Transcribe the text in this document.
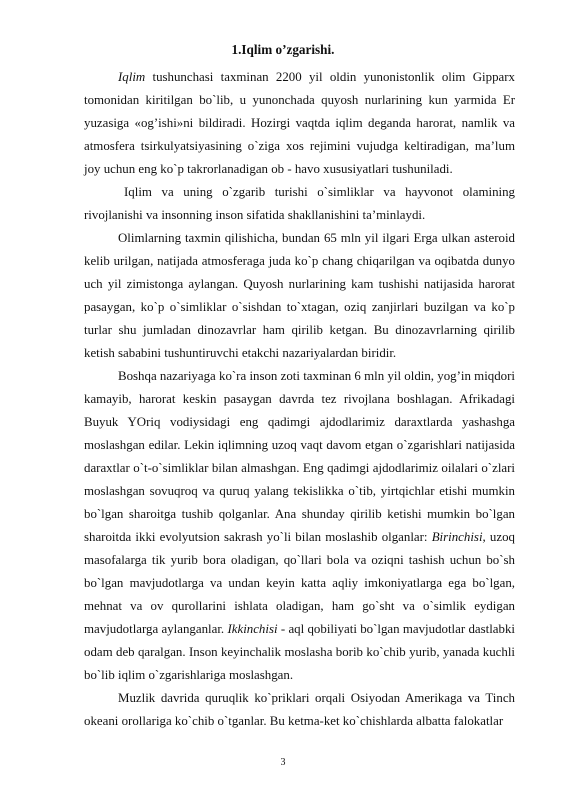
1.Iqlim o’zgarishi.

Iqlim tushunchasi taxminan 2200 yil oldin yunonistonlik olim Gipparx tomonidan kiritilgan bo`lib, u yunonchada quyosh nurlarining kun yarmida Er yuzasiga «og’ishi»ni bildiradi. Hozirgi vaqtda iqlim deganda harorat, namlik va atmosfera tsirkulyatsiyasining o`ziga xos rejimini vujudga keltiradigan, ma’lum joy uchun eng ko`p takrorlanadigan ob - havo xususiyatlari tushuniladi.

Iqlim va uning o`zgarib turishi o`simliklar va hayvonot olamining rivojlanishi va insonning inson sifatida shakllanishini ta’minlaydi.

Olimlarning taxmin qilishicha, bundan 65 mln yil ilgari Erga ulkan asteroid kelib urilgan, natijada atmosferaga juda ko`p chang chiqarilgan va oqibatda dunyo uch yil zimistonga aylangan. Quyosh nurlarining kam tushishi natijasida harorat pasaygan, ko`p o`simliklar o`sishdan to`xtagan, oziq zanjirlari buzilgan va ko`p turlar shu jumladan dinozavrlar ham qirilib ketgan. Bu dinozavrlarning qirilib ketish sababini tushuntiruvchi etakchi nazariyalardan biridir.

Boshqa nazariyaga ko`ra inson zoti taxminan 6 mln yil oldin, yog’in miqdori kamayib, harorat keskin pasaygan davrda tez rivojlana boshlagan. Afrikadagi Buyuk YOriq vodiysidagi eng qadimgi ajdodlarimiz daraxtlarda yashashga moslashgan edilar. Lekin iqlimning uzoq vaqt davom etgan o`zgarishlari natijasida daraxtlar o`t-o`simliklar bilan almashgan. Eng qadimgi ajdodlarimiz oilalari o`zlari moslashgan sovuqroq va quruq yalang tekislikka o`tib, yirtqichlar etishi mumkin bo`lgan sharoitga tushib qolganlar. Ana shunday qirilib ketishi mumkin bo`lgan sharoitda ikki evolyutsion sakrash yo`li bilan moslashib olganlar: Birinchisi, uzoq masofalarga tik yurib bora oladigan, qo`llari bola va oziqni tashish uchun bo`sh bo`lgan mavjudotlarga va undan keyin katta aqliy imkoniyatlarga ega bo`lgan, mehnat va ov qurollarini ishlata oladigan, ham go`sht va o`simlik eydigan mavjudotlarga aylanganlar. Ikkinchisi - aql qobiliyati bo`lgan mavjudotlar dastlabki odam deb qaralgan. Inson keyinchalik moslasha borib ko`chib yurib, yanada kuchli bo`lib iqlim o`zgarishlariga moslashgan.

Muzlik davrida quruqlik ko`priklari orqali Osiyodan Amerikaga va Tinch okeani orollariga ko`chib o`tganlar. Bu ketma-ket ko`chishlarda albatta falokatlar

3
